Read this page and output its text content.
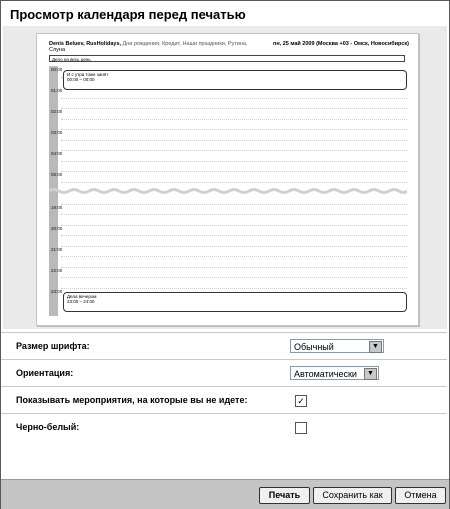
Просмотр календаря перед печатью
Denis Beluev, RusHolidays, Дни рождения, Кредит, Наши праздники, Рутина,	пн, 25 май 2009 (Москва +03 - Омск, Новосибирск)
Слуна
Дело на весь день
00:00
01:00
02:00
03:00
04:00
05:00
19:00
20:00
21:00
22:00
23:00
И с утра тоже занят
00:00 – 00:00
Дела вечером
23:00 – 24:00
Размер шрифта:	Обычный	▼
Ориентация:	Автоматически	▼
Показывать мероприятия, на которые вы не идете:	✓
Черно-белый:
Печать	Сохранить как	Отмена
